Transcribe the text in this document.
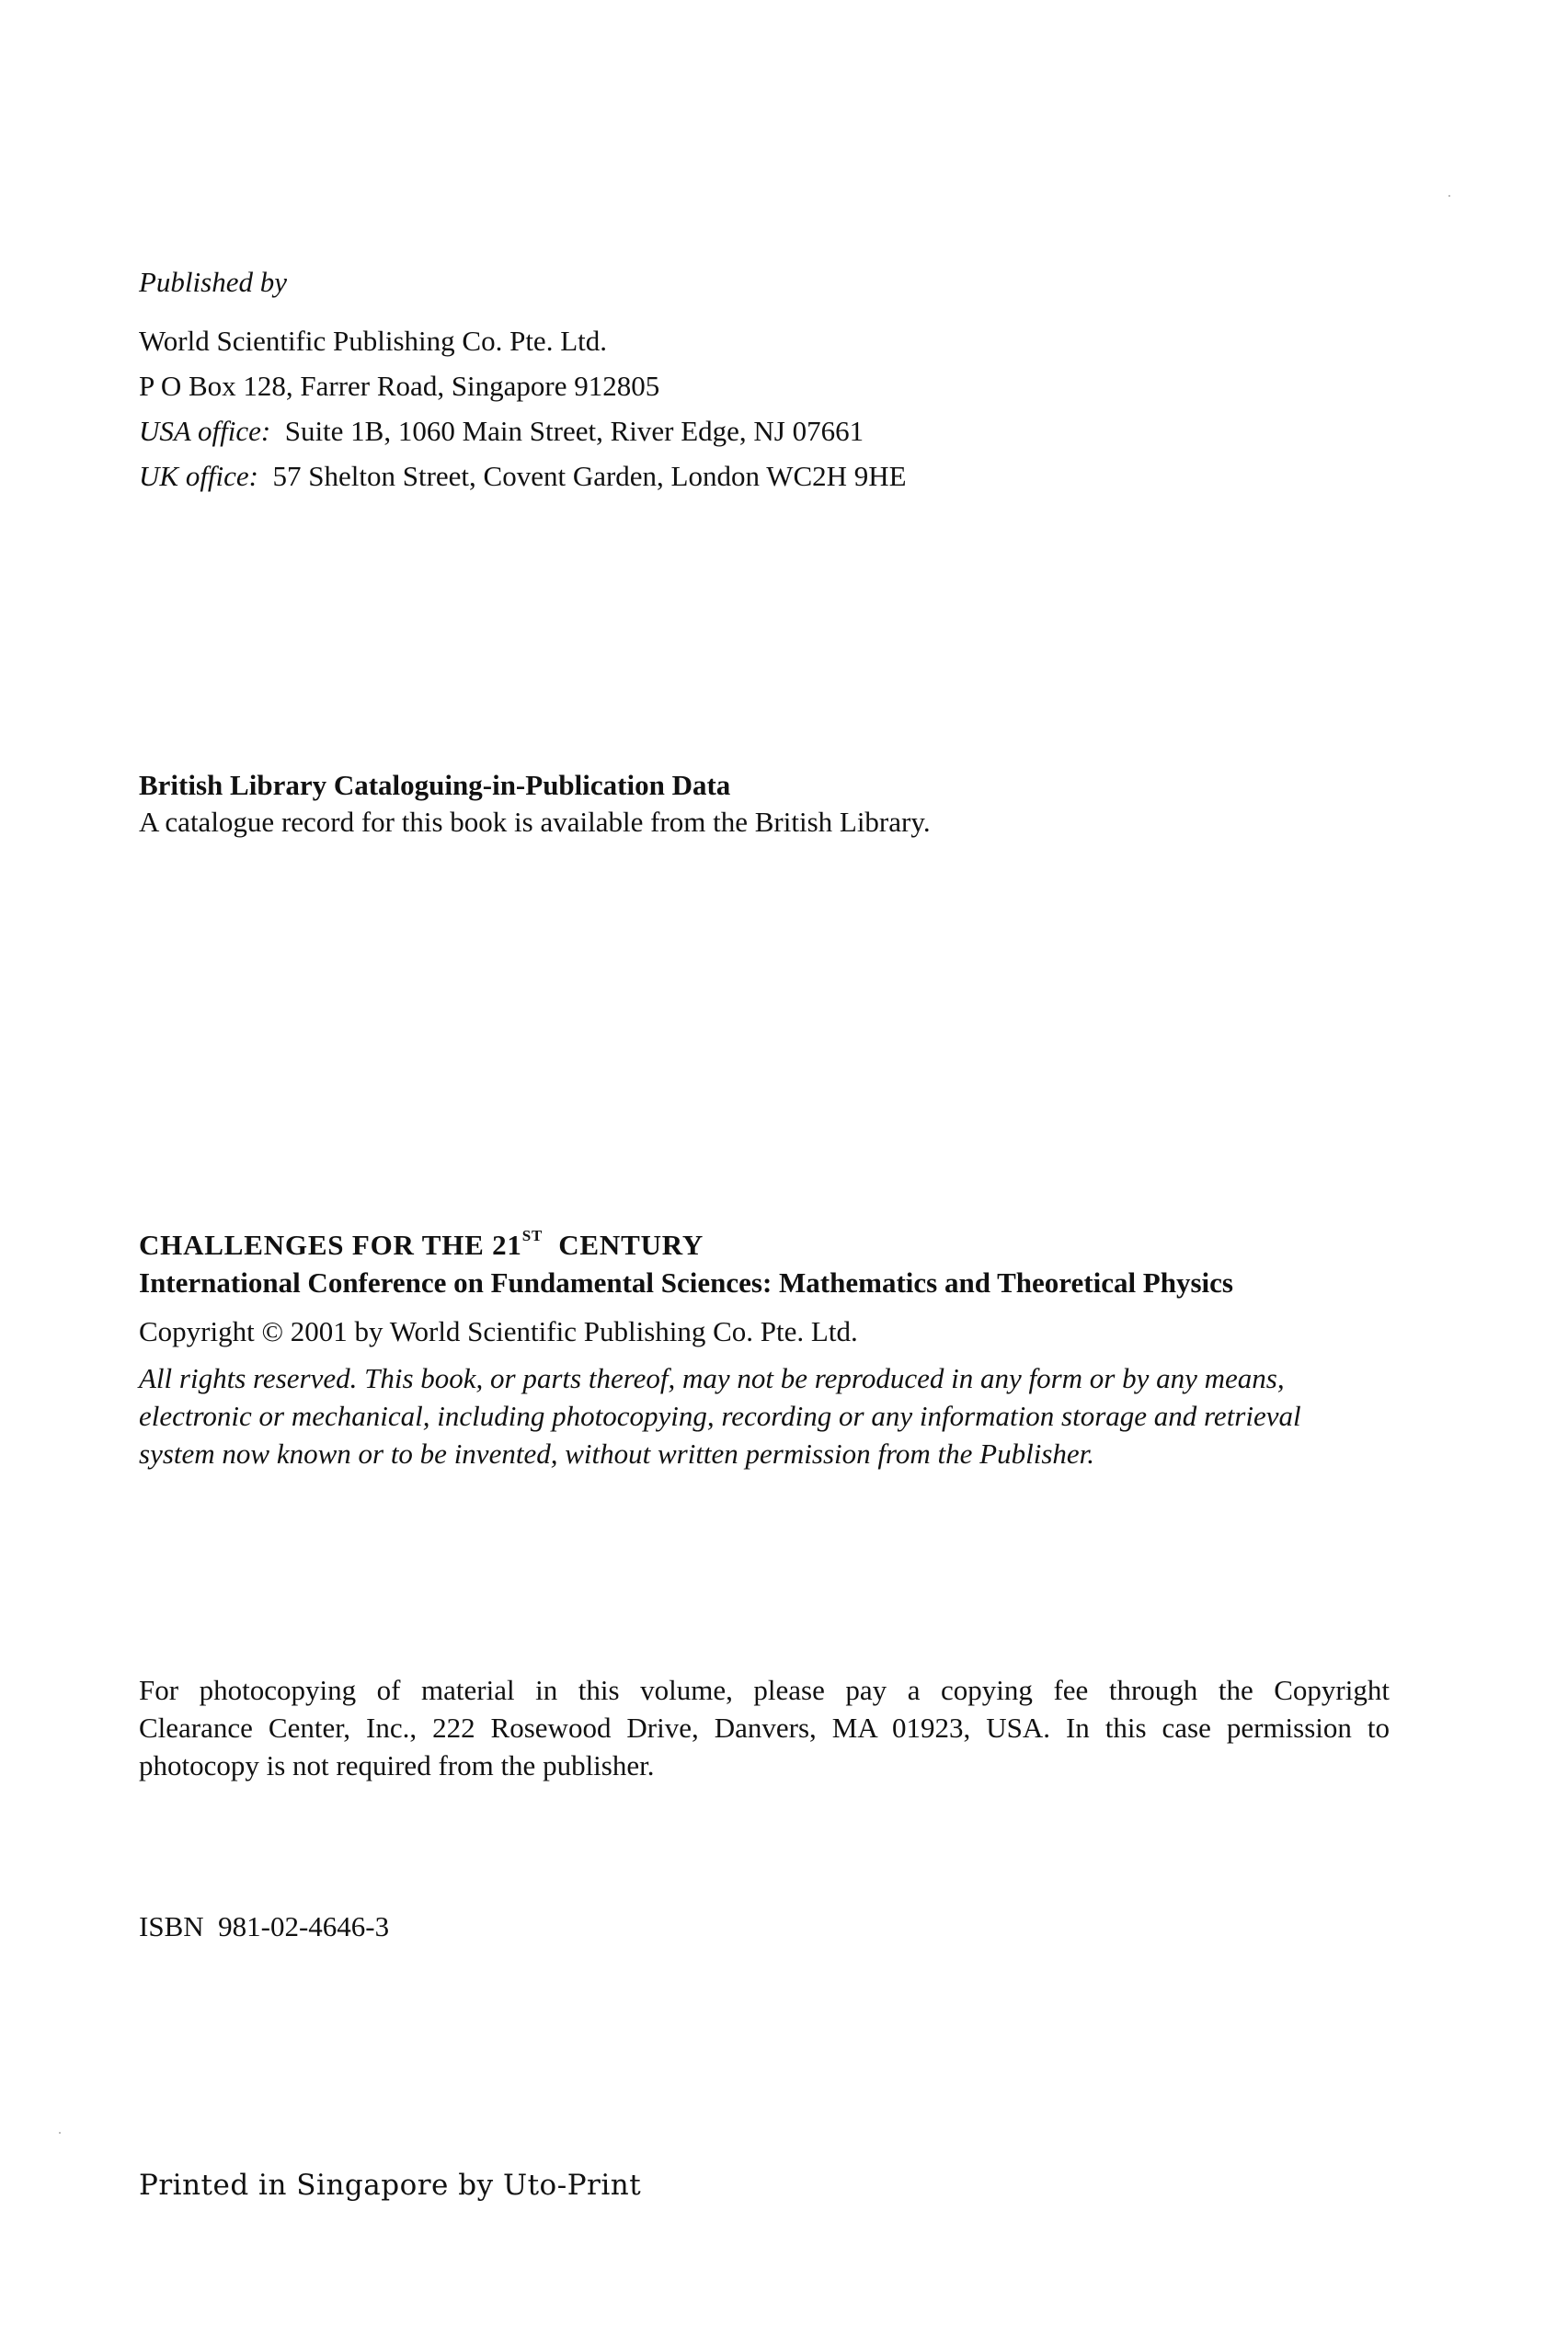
Published by
World Scientific Publishing Co. Pte. Ltd.
P O Box 128, Farrer Road, Singapore 912805
USA office: Suite 1B, 1060 Main Street, River Edge, NJ 07661
UK office: 57 Shelton Street, Covent Garden, London WC2H 9HE
British Library Cataloguing-in-Publication Data
A catalogue record for this book is available from the British Library.
CHALLENGES FOR THE 21ST CENTURY
International Conference on Fundamental Sciences: Mathematics and Theoretical Physics
Copyright © 2001 by World Scientific Publishing Co. Pte. Ltd.
All rights reserved. This book, or parts thereof, may not be reproduced in any form or by any means,
electronic or mechanical, including photocopying, recording or any information storage and retrieval
system now known or to be invented, without written permission from the Publisher.
For photocopying of material in this volume, please pay a copying fee through the Copyright
Clearance Center, Inc., 222 Rosewood Drive, Danvers, MA 01923, USA. In this case permission to
photocopy is not required from the publisher.
ISBN  981-02-4646-3
Printed in Singapore by Uto-Print
